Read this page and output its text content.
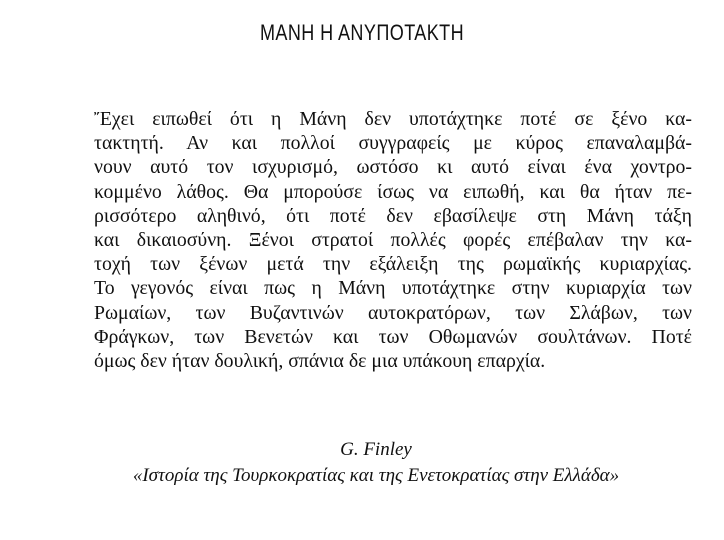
ΜΑΝΗ Η ΑΝΥΠΟΤΑΚΤΗ
Ἔχει ειπωθεί ότι η Μάνη δεν υποτάχτηκε ποτέ σε ξένο κα-
τακτητή. Αν και πολλοί συγγραφείς με κύρος επαναλαμβά-
νουν αυτό τον ισχυρισμό, ωστόσο κι αυτό είναι ένα χοντρο-
κομμένο λάθος. Θα μπορούσε ίσως να ειπωθή, και θα ήταν πε-
ρισσότερο αληθινό, ότι ποτέ δεν εβασίλεψε στη Μάνη τάξη
και δικαιοσύνη. Ξένοι στρατοί πολλές φορές επέβαλαν την κα-
τοχή των ξένων μετά την εξάλειξη της ρωμαϊκής κυριαρχίας.
Το γεγονός είναι πως η Μάνη υποτάχτηκε στην κυριαρχία των
Ρωμαίων, των Βυζαντινών αυτοκρατόρων, των Σλάβων, των
Φράγκων, των Βενετών και των Οθωμανών σουλτάνων. Ποτέ
όμως δεν ήταν δουλική, σπάνια δε μια υπάκουη επαρχία.
G. Finley
«Ιστορία της Τουρκοκρατίας και της Ενετοκρατίας στην Ελλάδα»
